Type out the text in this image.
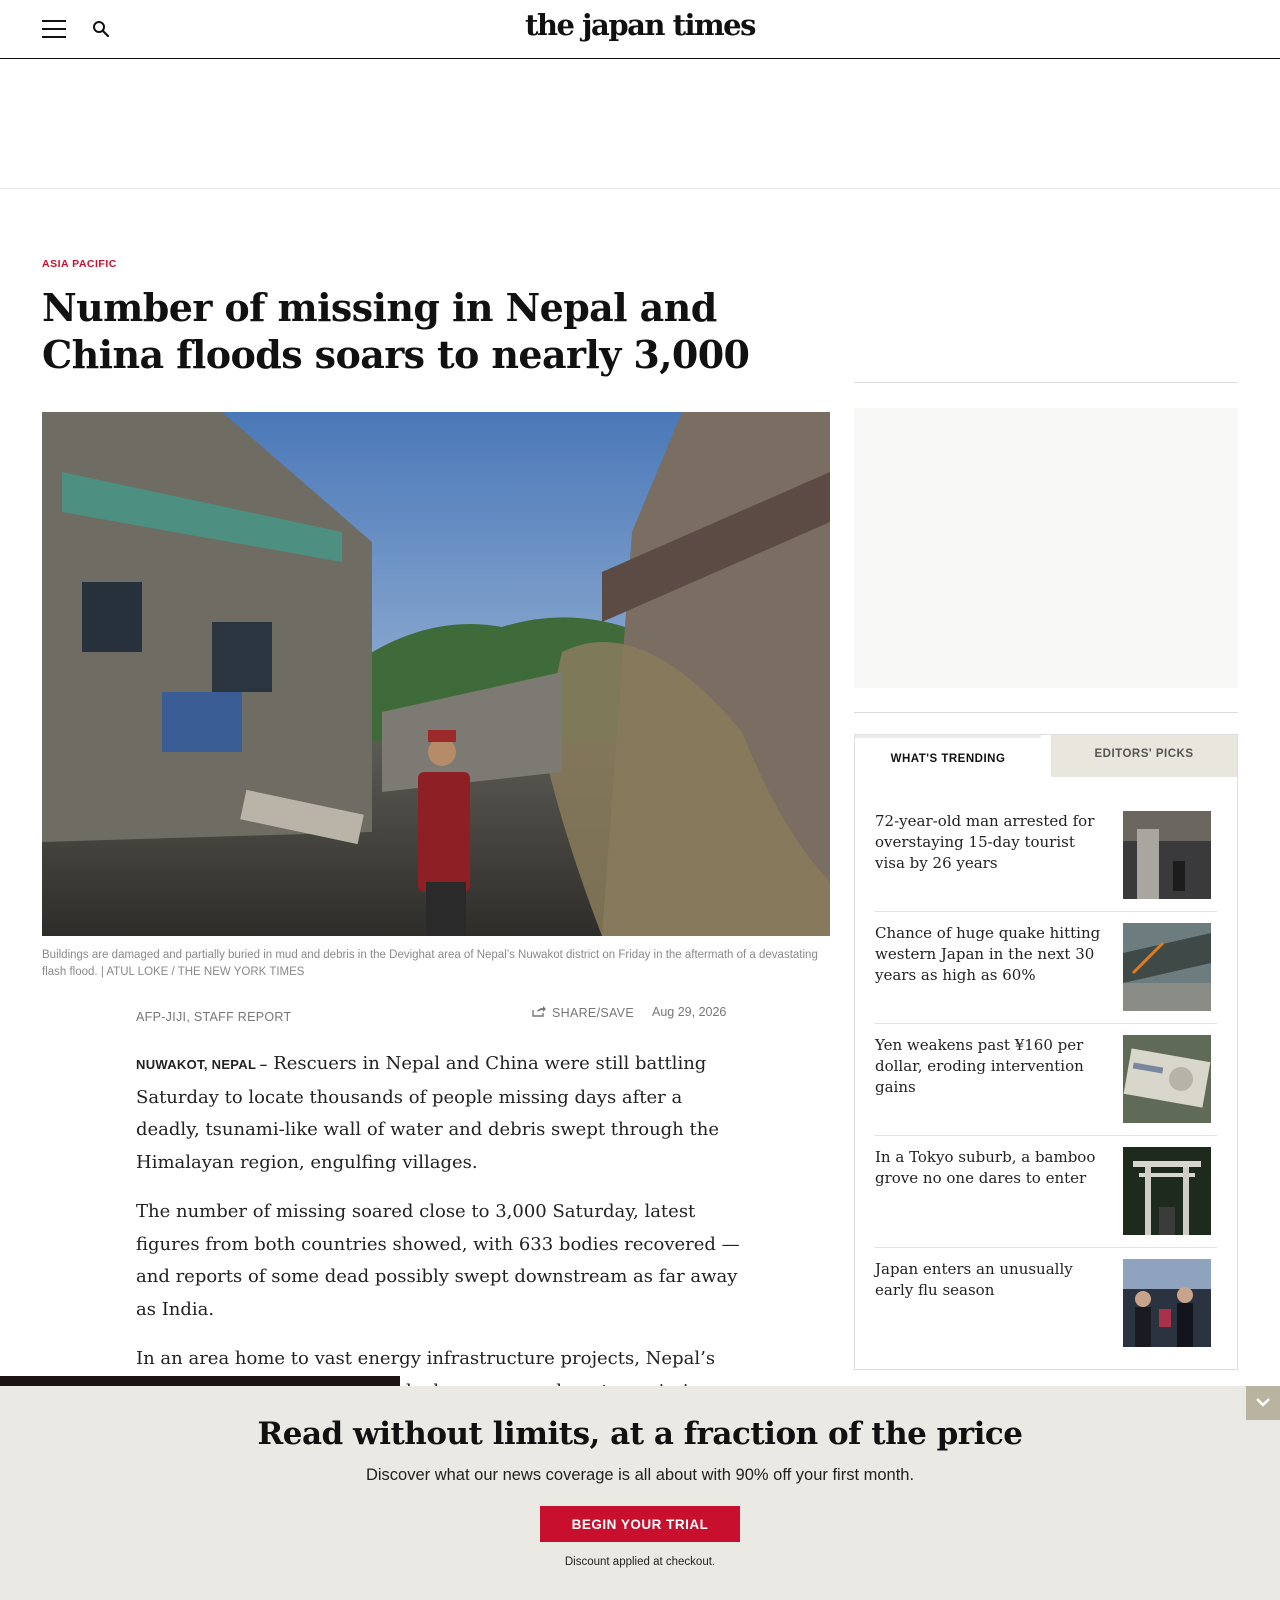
the japan times
ASIA PACIFIC
Number of missing in Nepal and China floods soars to nearly 3,000
Buildings are damaged and partially buried in mud and debris in the Devighat area of Nepal’s Nuwakot district on Friday in the aftermath of a devastating flash flood. | ATUL LOKE / THE NEW YORK TIMES
AFP-JIJI, STAFF REPORT	SHARE/SAVE Aug 29, 2026

NUWAKOT, NEPAL – Rescuers in Nepal and China were still battling Saturday to locate thousands of people missing days after a deadly, tsunami-like wall of water and debris swept through the Himalayan region, engulfing villages.

The number of missing soared close to 3,000 Saturday, latest figures from both countries showed, with 633 bodies recovered — and reports of some dead possibly swept downstream as far away as India.

In an area home to vast energy infrastructure projects, Nepal’s

WHAT'S TRENDING	EDITORS' PICKS
72-year-old man arrested for overstaying 15-day tourist visa by 26 years
Chance of huge quake hitting western Japan in the next 30 years as high as 60%
Yen weakens past ¥160 per dollar, eroding intervention gains
In a Tokyo suburb, a bamboo grove no one dares to enter
Japan enters an unusually early flu season
Read without limits, at a fraction of the price
Discover what our news coverage is all about with 90% off your first month.
BEGIN YOUR TRIAL
Discount applied at checkout.
